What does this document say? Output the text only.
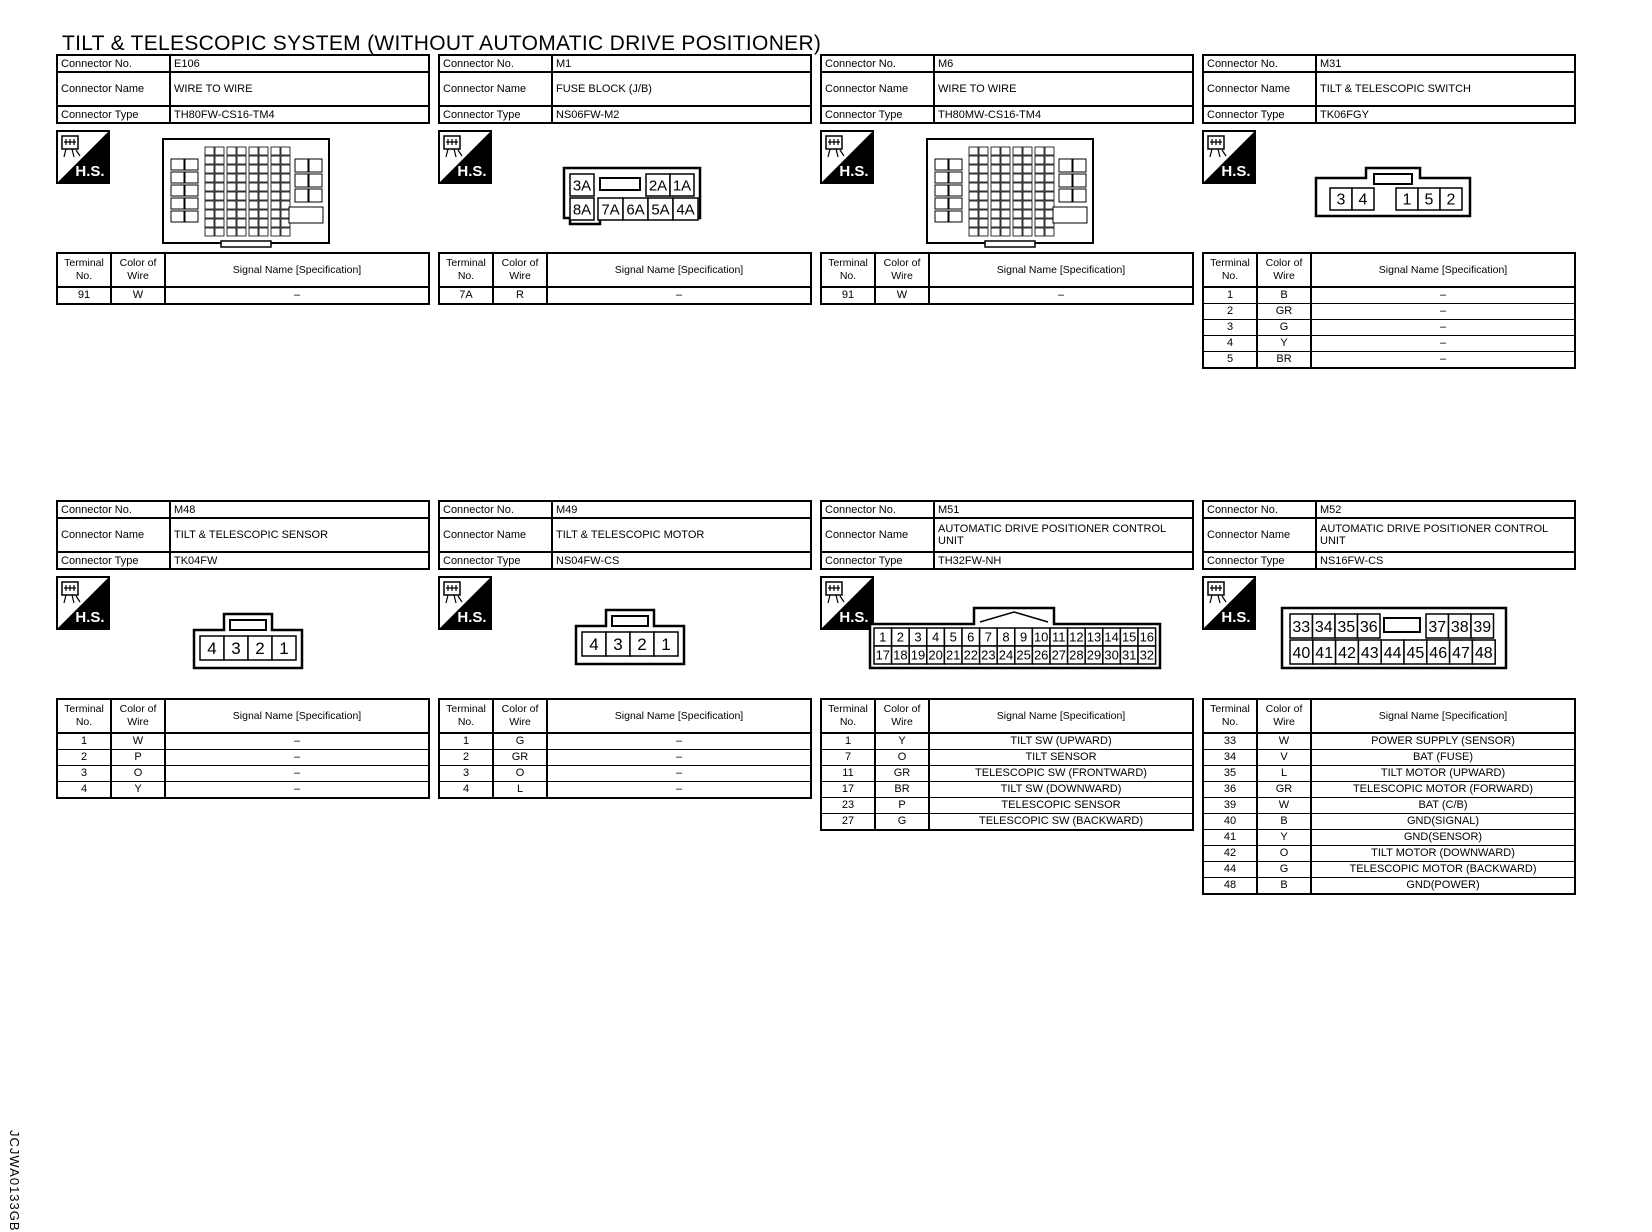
TILT & TELESCOPIC SYSTEM (WITHOUT AUTOMATIC DRIVE POSITIONER)
JCJWA0133GB
Connector No.	E106
Connector Name	WIRE TO WIRE
Connector Type	TH80FW-CS16-TM4
H.S.
Terminal No.	Color of Wire	Signal Name [Specification]
91	W	–
Connector No.	M1
Connector Name	FUSE BLOCK (J/B)
Connector Type	NS06FW-M2
H.S.
3A	2A 1A
8A 7A 6A 5A 4A
Terminal No.	Color of Wire	Signal Name [Specification]
7A	R	–
Connector No.	M6
Connector Name	WIRE TO WIRE
Connector Type	TH80MW-CS16-TM4
H.S.
Terminal No.	Color of Wire	Signal Name [Specification]
91	W	–
Connector No.	M31
Connector Name	TILT & TELESCOPIC SWITCH
Connector Type	TK06FGY
H.S.
3 4 1 5 2
Terminal No.	Color of Wire	Signal Name [Specification]
1	B	–
2	GR	–
3	G	–
4	Y	–
5	BR	–
Connector No.	M48
Connector Name	TILT & TELESCOPIC SENSOR
Connector Type	TK04FW
H.S.
4 3 2 1
Terminal No.	Color of Wire	Signal Name [Specification]
1	W	–
2	P	–
3	O	–
4	Y	–
Connector No.	M49
Connector Name	TILT & TELESCOPIC MOTOR
Connector Type	NS04FW-CS
H.S.
4 3 2 1
Terminal No.	Color of Wire	Signal Name [Specification]
1	G	–
2	GR	–
3	O	–
4	L	–
Connector No.	M51
Connector Name	AUTOMATIC DRIVE POSITIONER CONTROL UNIT
Connector Type	TH32FW-NH
H.S.
1 2 3 4 5 6 7 8 9 10 11 12 13 14 15 16
17 18 19 20 21 22 23 24 25 26 27 28 29 30 31 32
Terminal No.	Color of Wire	Signal Name [Specification]
1	Y	TILT SW (UPWARD)
7	O	TILT SENSOR
11	GR	TELESCOPIC SW (FRONTWARD)
17	BR	TILT SW (DOWNWARD)
23	P	TELESCOPIC SENSOR
27	G	TELESCOPIC SW (BACKWARD)
Connector No.	M52
Connector Name	AUTOMATIC DRIVE POSITIONER CONTROL UNIT
Connector Type	NS16FW-CS
H.S.
33 34 35 36	37 38 39
40 41 42 43 44 45 46 47 48
Terminal No.	Color of Wire	Signal Name [Specification]
33	W	POWER SUPPLY (SENSOR)
34	V	BAT (FUSE)
35	L	TILT MOTOR (UPWARD)
36	GR	TELESCOPIC MOTOR (FORWARD)
39	W	BAT (C/B)
40	B	GND(SIGNAL)
41	Y	GND(SENSOR)
42	O	TILT MOTOR (DOWNWARD)
44	G	TELESCOPIC MOTOR (BACKWARD)
48	B	GND(POWER)
